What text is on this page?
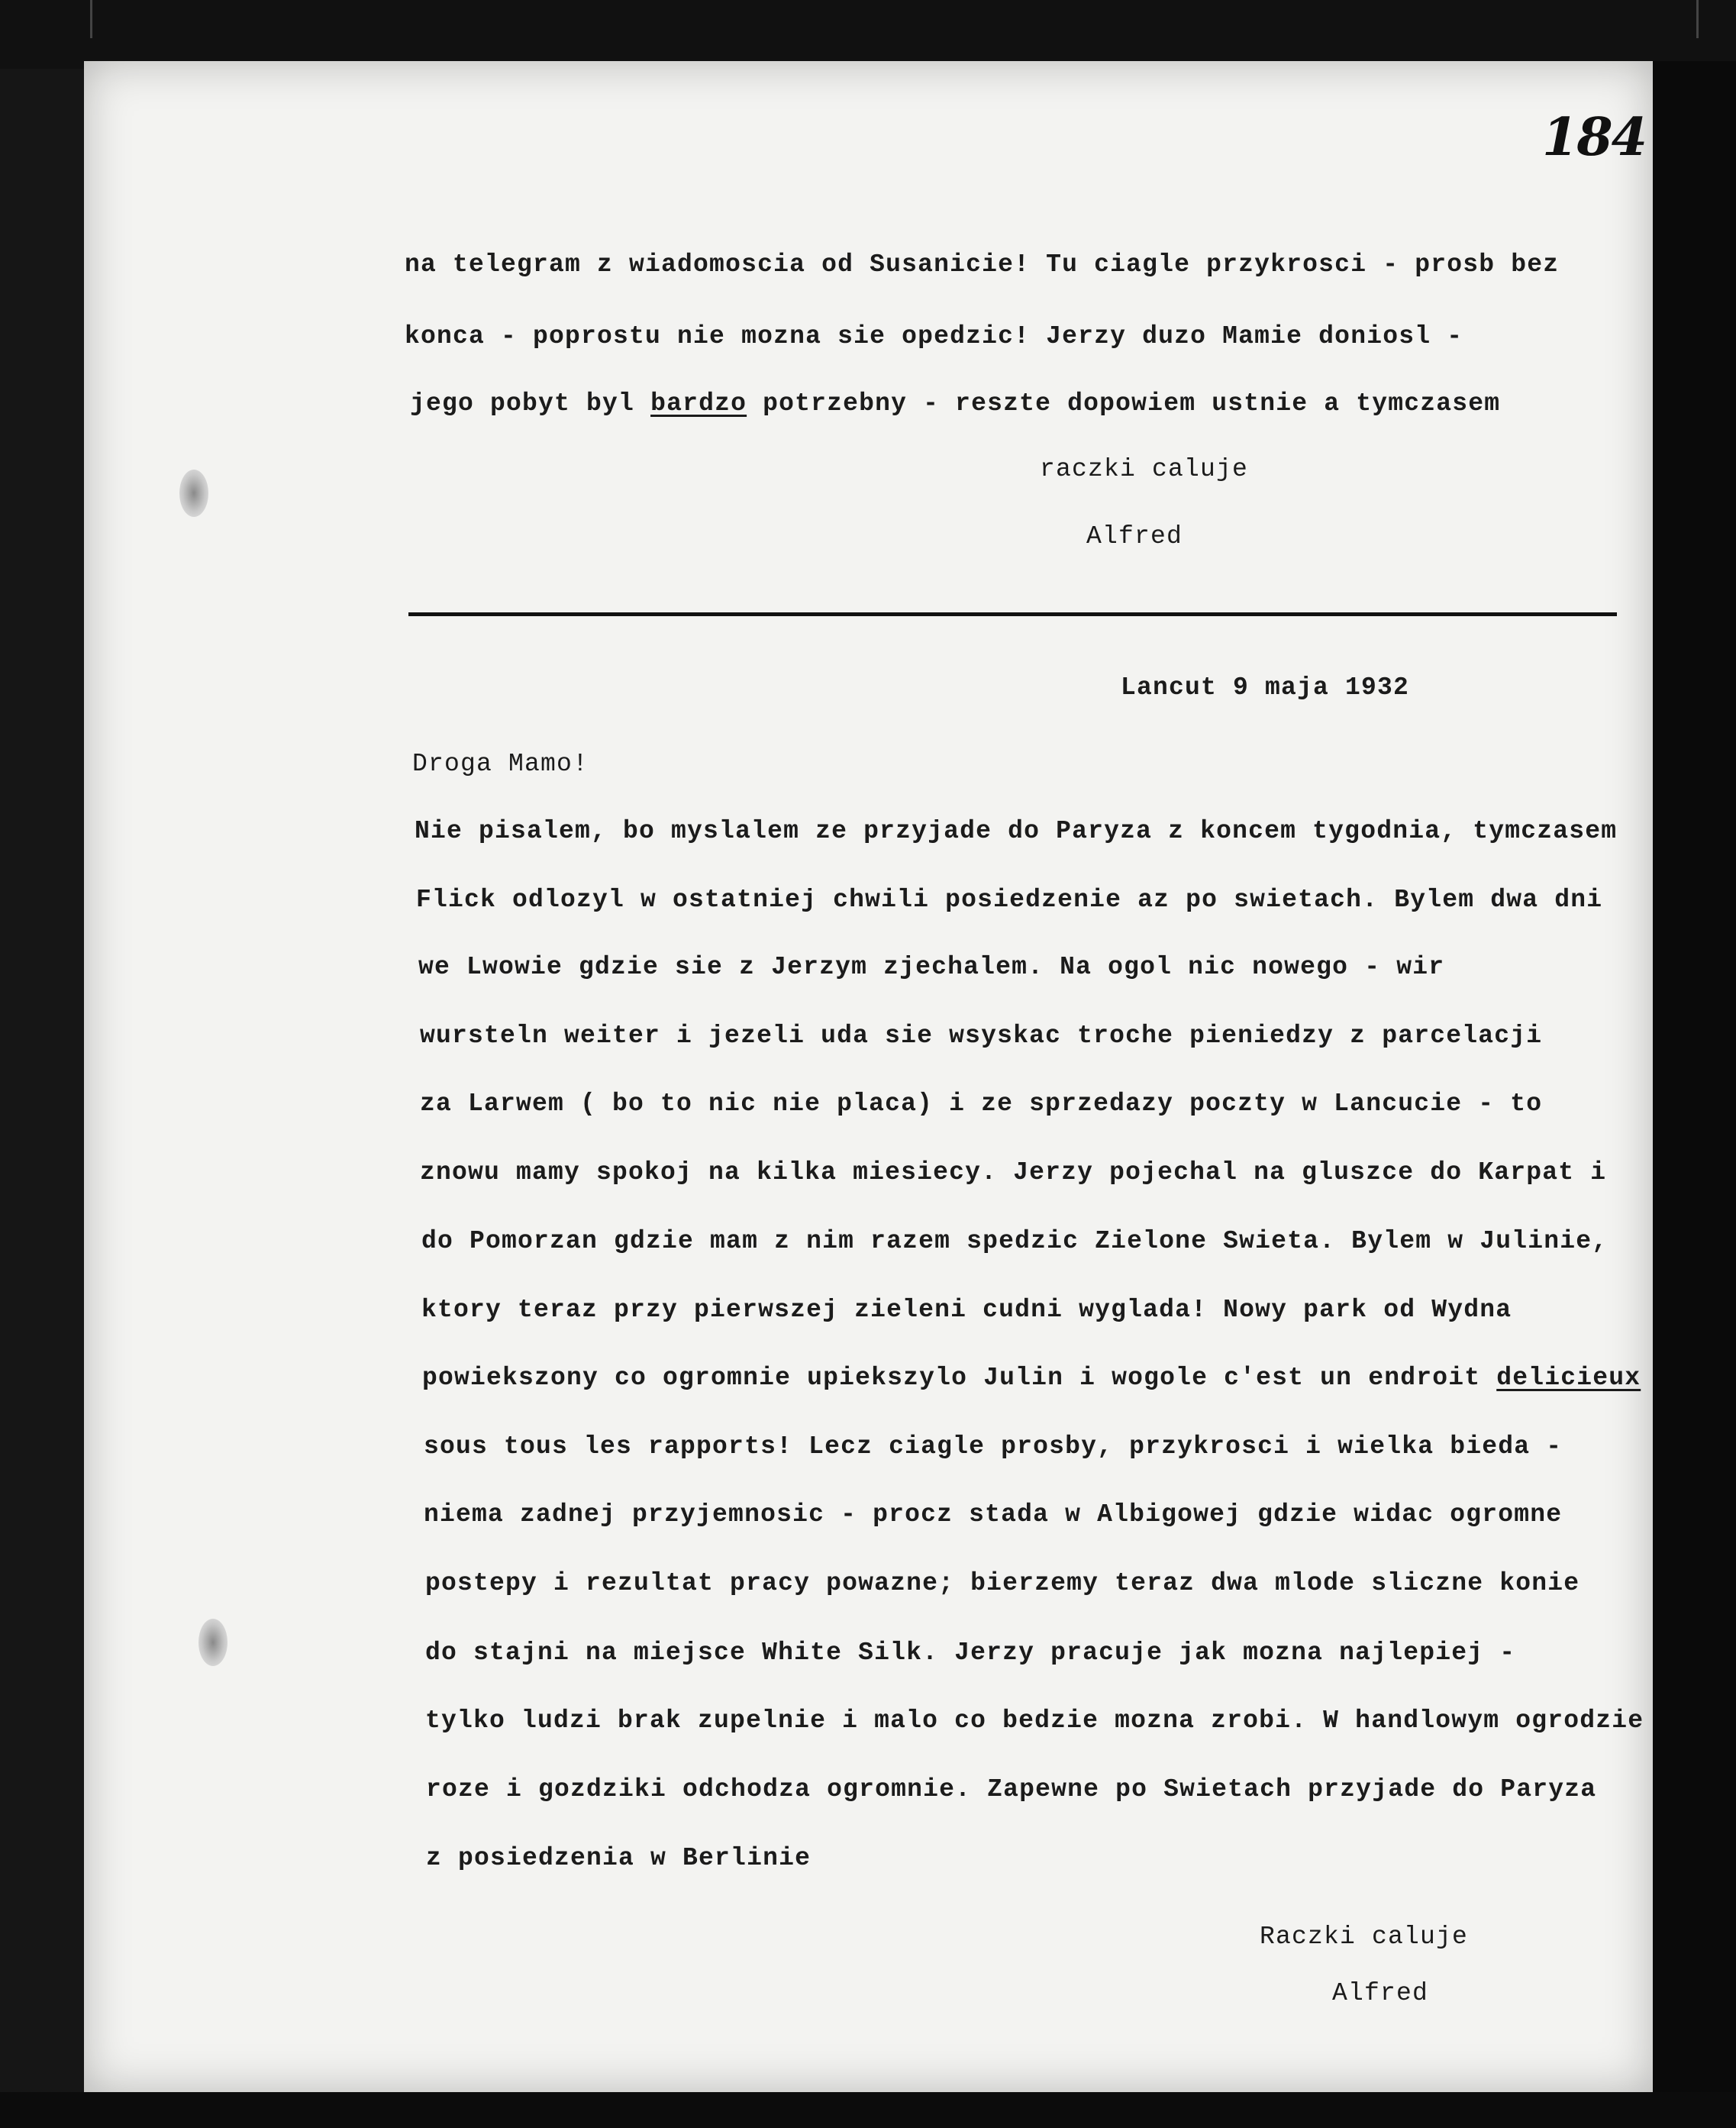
184
na telegram z wiadomoscia od Susanicie! Tu ciagle przykrosci - prosb bez
konca - poprostu nie mozna sie opedzic! Jerzy duzo Mamie doniosl -
jego pobyt byl bardzo potrzebny - reszte dopowiem ustnie a tymczasem
raczki caluje
Alfred
Lancut 9 maja 1932
Droga Mamo!
Nie pisalem, bo myslalem ze przyjade do Paryza z koncem tygodnia, tymczasem
Flick odlozyl w ostatniej chwili posiedzenie az po swietach. Bylem dwa dni
we Lwowie gdzie sie z Jerzym zjechalem. Na ogol nic nowego - wir
wursteln weiter i jezeli uda sie wsyskac troche pieniedzy z parcelacji
za Larwem ( bo to nic nie placa) i ze sprzedazy poczty w Lancucie - to
znowu mamy spokoj na kilka miesiecy. Jerzy pojechal na gluszce do Karpat i
do Pomorzan gdzie mam z nim razem spedzic Zielone Swieta. Bylem w Julinie,
ktory teraz przy pierwszej zieleni cudni wyglada! Nowy park od Wydna
powiekszony co ogromnie upiekszylo Julin i wogole c'est un endroit delicieux
sous tous les rapports! Lecz ciagle prosby, przykrosci i wielka bieda -
niema zadnej przyjemnosic - procz stada w Albigowej gdzie widac ogromne
postepy i rezultat pracy powazne; bierzemy teraz dwa mlode sliczne konie
do stajni na miejsce White Silk. Jerzy pracuje jak mozna najlepiej -
tylko ludzi brak zupelnie i malo co bedzie mozna zrobi. W handlowym ogrodzie
roze i gozdziki odchodza ogromnie. Zapewne po Swietach przyjade do Paryza
z posiedzenia w Berlinie
Raczki caluje
Alfred
